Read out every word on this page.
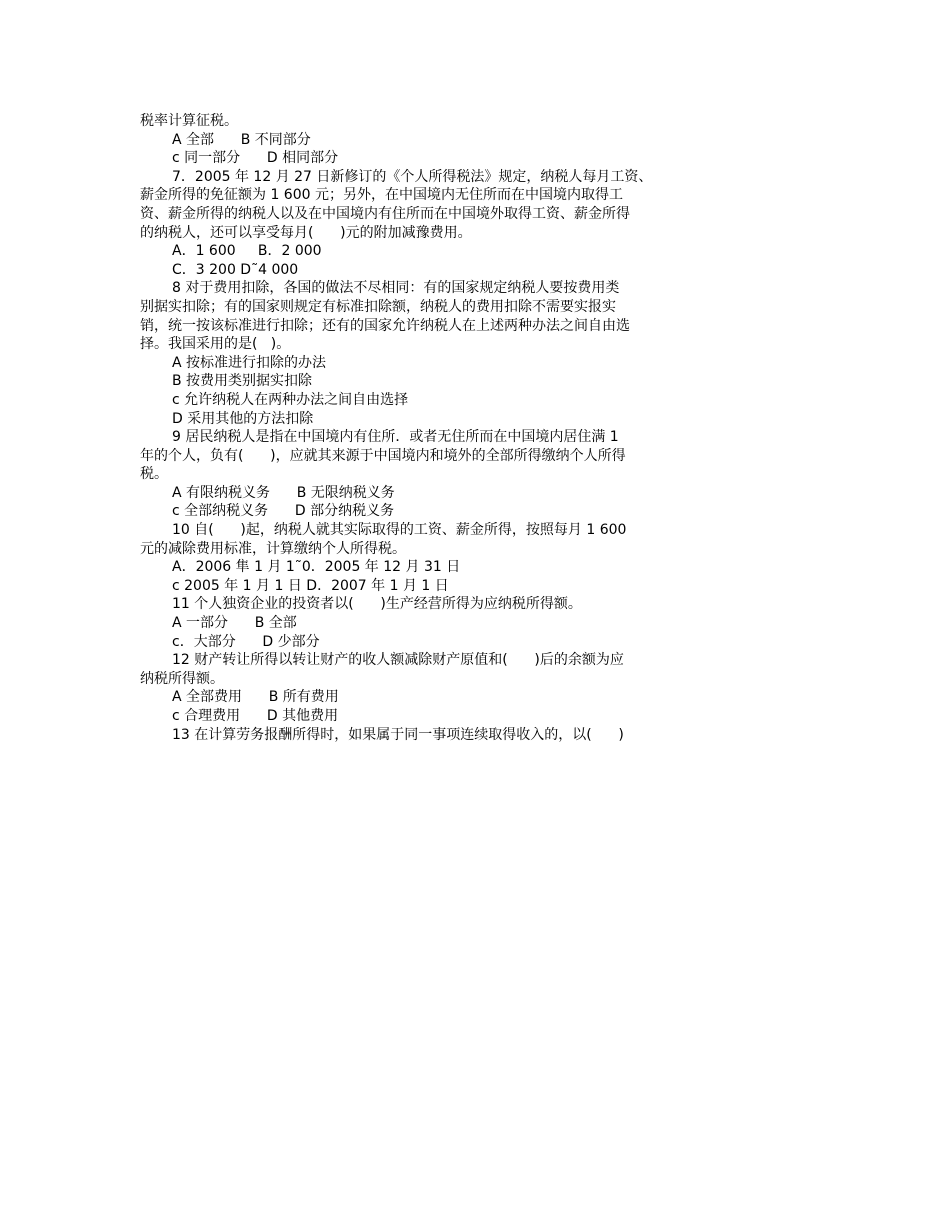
税率计算征税。
A 全部      B 不同部分
c 同一部分      D 相同部分
7．2005 年 12 月 27 日新修订的《个人所得税法》规定，纳税人每月工资、
薪金所得的免征额为 1 600 元；另外，在中国境内无住所而在中国境内取得工
资、薪金所得的纳税人以及在中国境内有住所而在中国境外取得工资、薪金所得
的纳税人，还可以享受每月(      )元的附加减豫费用。
A．1 600     B．2 000
C．3 200 D˜4 000
8 对于费用扣除，各国的做法不尽相同：有的国家规定纳税人要按费用类
别据实扣除；有的国家则规定有标准扣除额，纳税人的费用扣除不需要实报实
销，统一按该标准进行扣除；还有的国家允许纳税人在上述两种办法之间自由选
择。我国采用的是(   )。
A 按标准进行扣除的办法
B 按费用类别据实扣除
c 允许纳税人在两种办法之间自由选择
D 采用其他的方法扣除
9 居民纳税人是指在中国境内有住所．或者无住所而在中国境内居住满 1
年的个人，负有(      )，应就其来源于中国境内和境外的全部所得缴纳个人所得
税。
A 有限纳税义务      B 无限纳税义务
c 全部纳税义务      D 部分纳税义务
10 自(      )起，纳税人就其实际取得的工资、薪金所得，按照每月 1 600
元的减除费用标准，计算缴纳个人所得税。
A．2006 隼 1 月 1˜0．2005 年 12 月 31 日
c 2005 年 1 月 1 日 D．2007 年 1 月 1 日
11 个人独资企业的投资者以(      )生产经营所得为应纳税所得额。
A 一部分      B 全部
c．大部分      D 少部分
12 财产转让所得以转让财产的收人额减除财产原值和(      )后的余额为应
纳税所得额。
A 全部费用      B 所有费用
c 合理费用      D 其他费用
13 在计算劳务报酬所得时，如果属于同一事项连续取得收入的，以(      )
